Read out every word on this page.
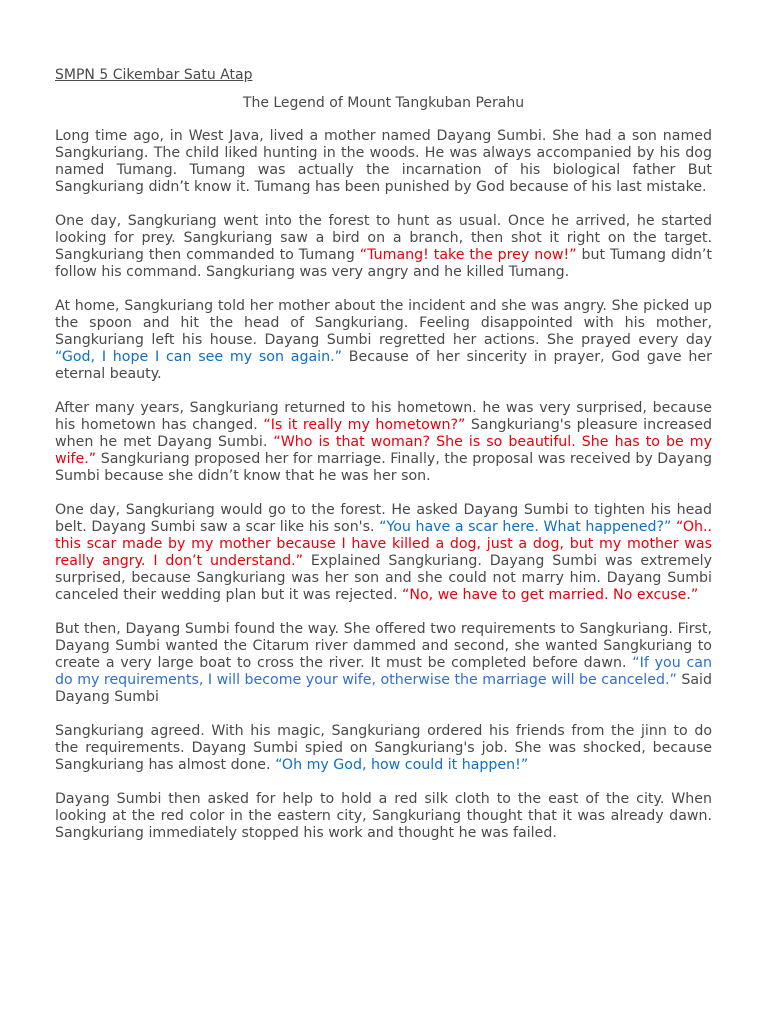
SMPN 5 Cikembar Satu Atap

The Legend of Mount Tangkuban Perahu

Long time ago, in West Java, lived a mother named Dayang Sumbi. She had a son named Sangkuriang. The child liked hunting in the woods. He was always accompanied by his dog named Tumang. Tumang was actually the incarnation of his biological father But Sangkuriang didn’t know it. Tumang has been punished by God because of his last mistake.

One day, Sangkuriang went into the forest to hunt as usual. Once he arrived, he started looking for prey. Sangkuriang saw a bird on a branch, then shot it right on the target. Sangkuriang then commanded to Tumang “Tumang! take the prey now!” but Tumang didn’t follow his command. Sangkuriang was very angry and he killed Tumang.

At home, Sangkuriang told her mother about the incident and she was angry. She picked up the spoon and hit the head of Sangkuriang. Feeling disappointed with his mother, Sangkuriang left his house. Dayang Sumbi regretted her actions. She prayed every day “God, I hope I can see my son again.” Because of her sincerity in prayer, God gave her eternal beauty.

After many years, Sangkuriang returned to his hometown. he was very surprised, because his hometown has changed. “Is it really my hometown?” Sangkuriang's pleasure increased when he met Dayang Sumbi. “Who is that woman? She is so beautiful. She has to be my wife.” Sangkuriang proposed her for marriage. Finally, the proposal was received by Dayang Sumbi because she didn’t know that he was her son.

One day, Sangkuriang would go to the forest. He asked Dayang Sumbi to tighten his head belt. Dayang Sumbi saw a scar like his son's. “You have a scar here. What happened?” “Oh.. this scar made by my mother because I have killed a dog, just a dog, but my mother was really angry. I don’t understand.” Explained Sangkuriang. Dayang Sumbi was extremely surprised, because Sangkuriang was her son and she could not marry him. Dayang Sumbi canceled their wedding plan but it was rejected. “No, we have to get married. No excuse.”

But then, Dayang Sumbi found the way. She offered two requirements to Sangkuriang. First, Dayang Sumbi wanted the Citarum river dammed and second, she wanted Sangkuriang to create a very large boat to cross the river. It must be completed before dawn. “If you can do my requirements, I will become your wife, otherwise the marriage will be canceled.” Said Dayang Sumbi

Sangkuriang agreed. With his magic, Sangkuriang ordered his friends from the jinn to do the requirements. Dayang Sumbi spied on Sangkuriang's job. She was shocked, because Sangkuriang has almost done. “Oh my God, how could it happen!”

Dayang Sumbi then asked for help to hold a red silk cloth to the east of the city. When looking at the red color in the eastern city, Sangkuriang thought that it was already dawn. Sangkuriang immediately stopped his work and thought he was failed.
